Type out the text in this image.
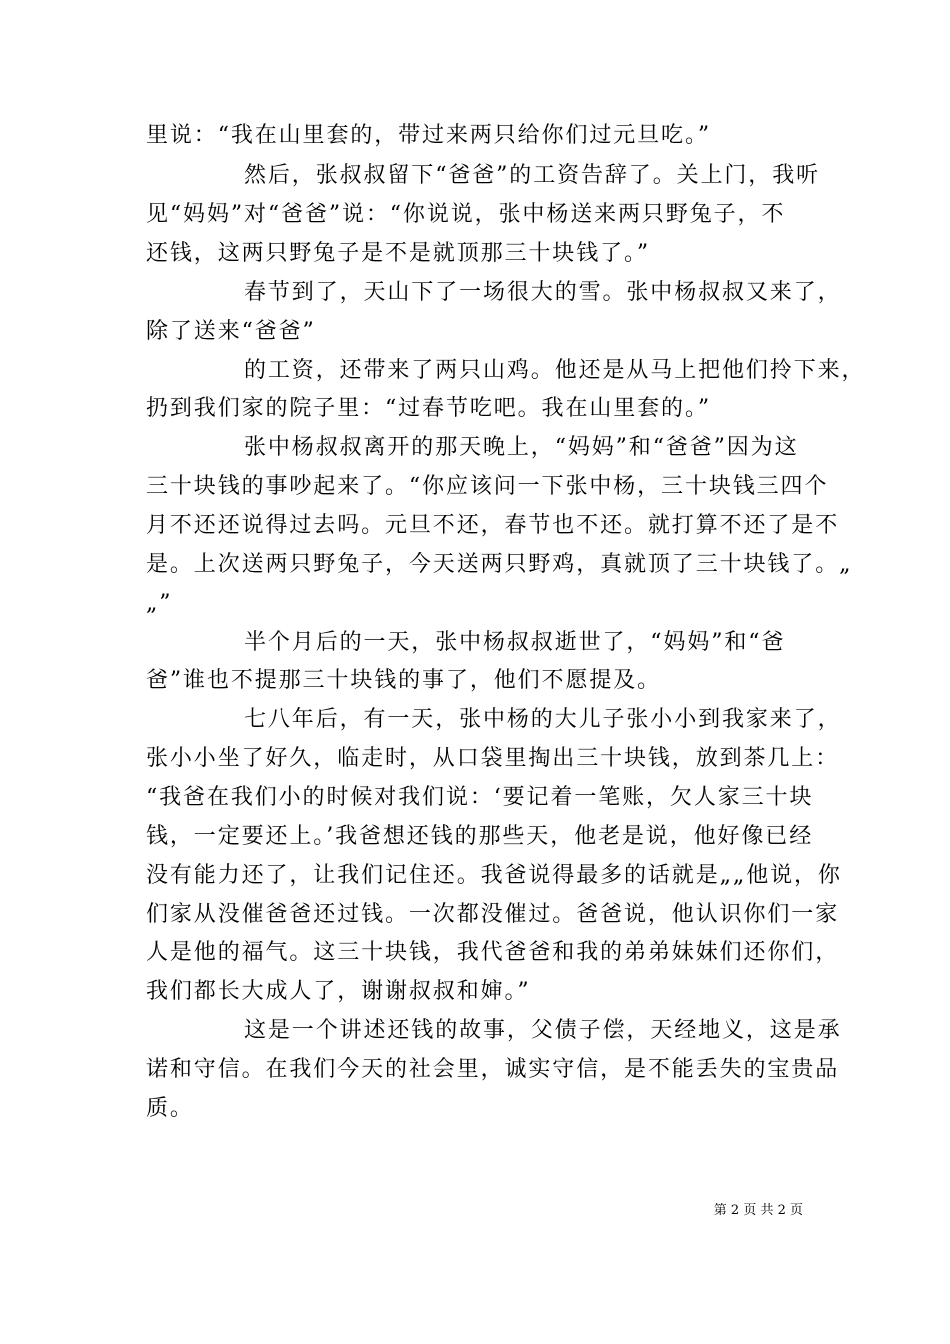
里说：“我在山里套的，带过来两只给你们过元旦吃。”
然后，张叔叔留下“爸爸”的工资告辞了。关上门，我听
见“妈妈”对“爸爸”说：“你说说，张中杨送来两只野兔子，不
还钱，这两只野兔子是不是就顶那三十块钱了。”
春节到了，天山下了一场很大的雪。张中杨叔叔又来了，
除了送来“爸爸”
的工资，还带来了两只山鸡。他还是从马上把他们拎下来，
扔到我们家的院子里：“过春节吃吧。我在山里套的。”
张中杨叔叔离开的那天晚上，“妈妈”和“爸爸”因为这
三十块钱的事吵起来了。“你应该问一下张中杨，三十块钱三四个
月不还还说得过去吗。元旦不还，春节也不还。就打算不还了是不
是。上次送两只野兔子，今天送两只野鸡，真就顶了三十块钱了。„
„”
半个月后的一天，张中杨叔叔逝世了，“妈妈”和“爸
爸”谁也不提那三十块钱的事了，他们不愿提及。
七八年后，有一天，张中杨的大儿子张小小到我家来了，
张小小坐了好久，临走时，从口袋里掏出三十块钱，放到茶几上：
“我爸在我们小的时候对我们说：‘要记着一笔账，欠人家三十块
钱，一定要还上。’我爸想还钱的那些天，他老是说，他好像已经
没有能力还了，让我们记住还。我爸说得最多的话就是„„他说，你
们家从没催爸爸还过钱。一次都没催过。爸爸说，他认识你们一家
人是他的福气。这三十块钱，我代爸爸和我的弟弟妹妹们还你们，
我们都长大成人了，谢谢叔叔和婶。”
这是一个讲述还钱的故事，父债子偿，天经地义，这是承
诺和守信。在我们今天的社会里，诚实守信，是不能丢失的宝贵品
质。
第 2 页 共 2 页
